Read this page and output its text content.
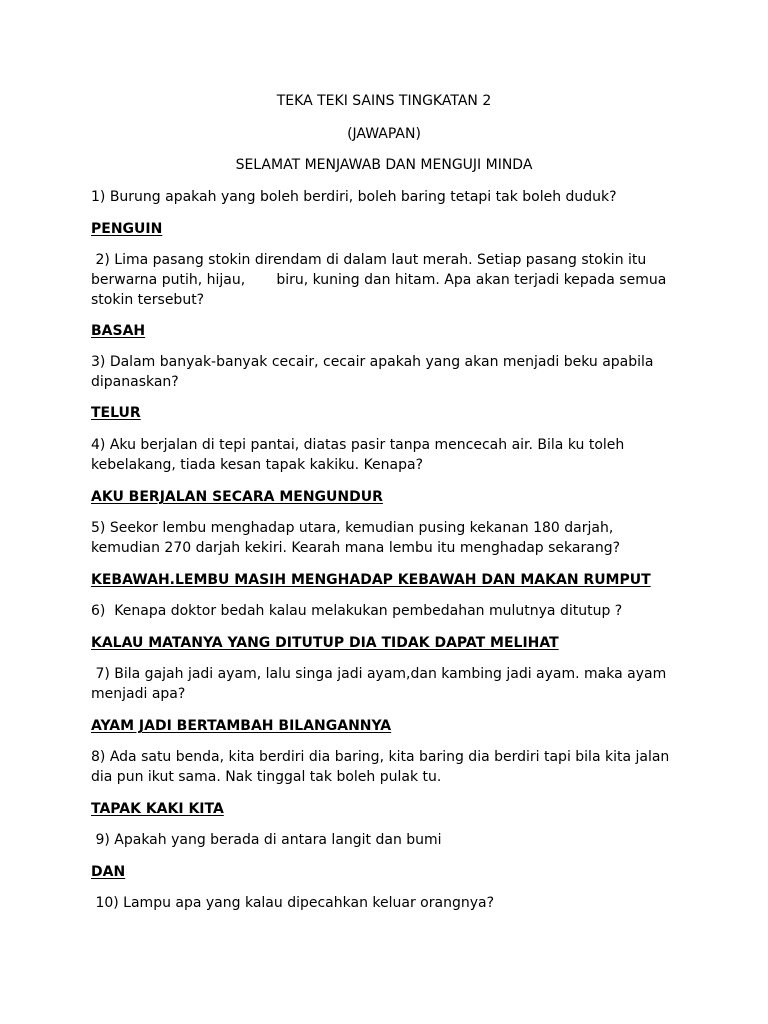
TEKA TEKI SAINS TINGKATAN 2
(JAWAPAN)
SELAMAT MENJAWAB DAN MENGUJI MINDA

1) Burung apakah yang boleh berdiri, boleh baring tetapi tak boleh duduk?

PENGUIN

2) Lima pasang stokin direndam di dalam laut merah. Setiap pasang stokin itu
berwarna putih, hijau,       biru, kuning dan hitam. Apa akan terjadi kepada semua
stokin tersebut?

BASAH

3) Dalam banyak-banyak cecair, cecair apakah yang akan menjadi beku apabila
dipanaskan?

TELUR

4) Aku berjalan di tepi pantai, diatas pasir tanpa mencecah air. Bila ku toleh
kebelakang, tiada kesan tapak kakiku. Kenapa?

AKU BERJALAN SECARA MENGUNDUR

5) Seekor lembu menghadap utara, kemudian pusing kekanan 180 darjah,
kemudian 270 darjah kekiri. Kearah mana lembu itu menghadap sekarang?

KEBAWAH.LEMBU MASIH MENGHADAP KEBAWAH DAN MAKAN RUMPUT

6)  Kenapa doktor bedah kalau melakukan pembedahan mulutnya ditutup ?

KALAU MATANYA YANG DITUTUP DIA TIDAK DAPAT MELIHAT

7) Bila gajah jadi ayam, lalu singa jadi ayam,dan kambing jadi ayam. maka ayam
menjadi apa?

AYAM JADI BERTAMBAH BILANGANNYA

8) Ada satu benda, kita berdiri dia baring, kita baring dia berdiri tapi bila kita jalan
dia pun ikut sama. Nak tinggal tak boleh pulak tu.

TAPAK KAKI KITA

9) Apakah yang berada di antara langit dan bumi

DAN

10) Lampu apa yang kalau dipecahkan keluar orangnya?
